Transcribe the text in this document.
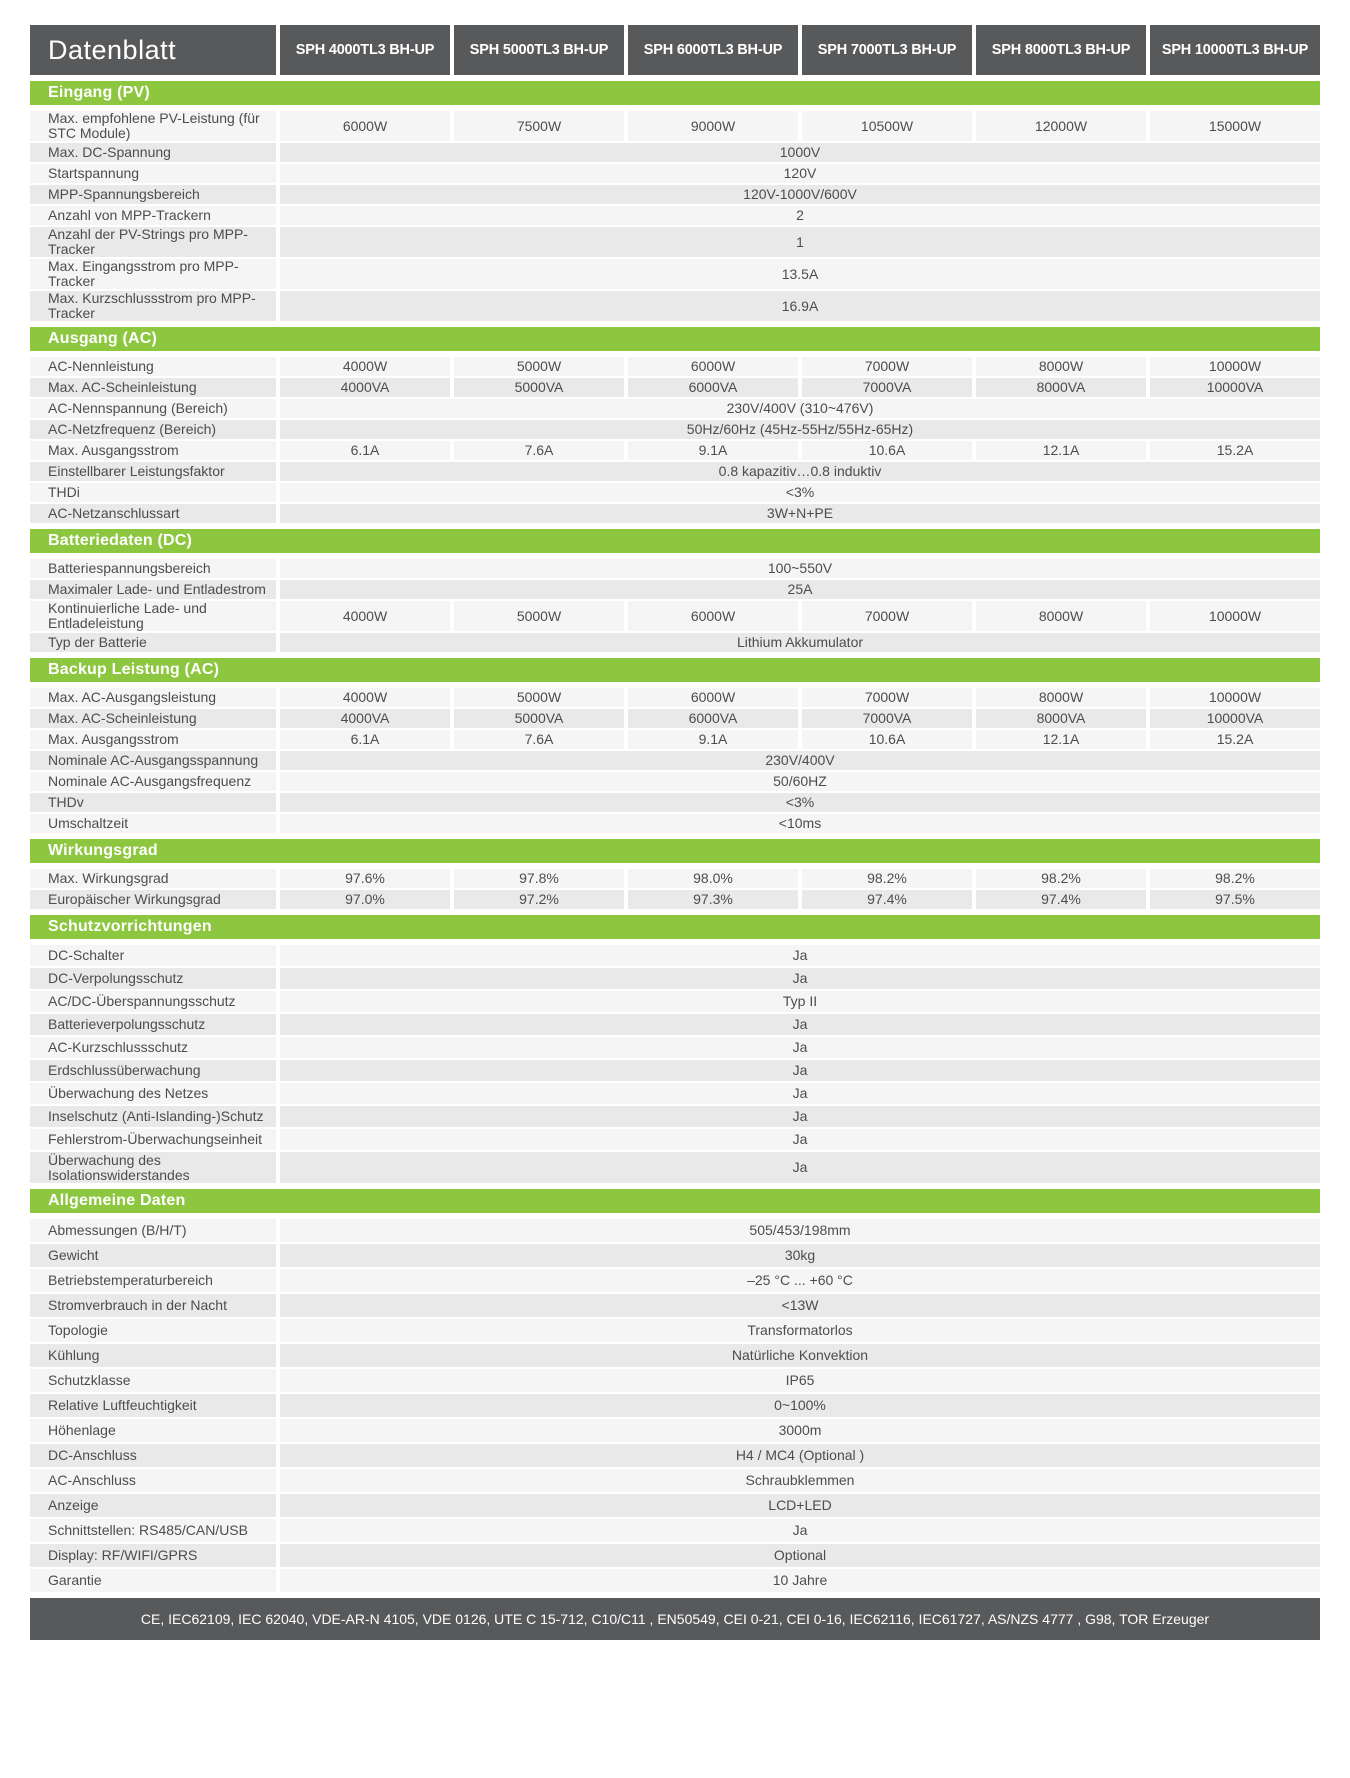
Datenblatt	SPH 4000TL3 BH-UP	SPH 5000TL3 BH-UP	SPH 6000TL3 BH-UP	SPH 7000TL3 BH-UP	SPH 8000TL3 BH-UP	SPH 10000TL3 BH-UP
Eingang (PV)
Max. empfohlene PV-Leistung (für STC Module)	6000W	7500W	9000W	10500W	12000W	15000W
Max. DC-Spannung	1000V
Startspannung	120V
MPP-Spannungsbereich	120V-1000V/600V
Anzahl von MPP-Trackern	2
Anzahl der PV-Strings pro MPP-Tracker	1
Max. Eingangsstrom pro MPP-Tracker	13.5A
Max. Kurzschlussstrom pro MPP-Tracker	16.9A
Ausgang (AC)
AC-Nennleistung	4000W	5000W	6000W	7000W	8000W	10000W
Max. AC-Scheinleistung	4000VA	5000VA	6000VA	7000VA	8000VA	10000VA
AC-Nennspannung (Bereich)	230V/400V (310~476V)
AC-Netzfrequenz (Bereich)	50Hz/60Hz (45Hz-55Hz/55Hz-65Hz)
Max. Ausgangsstrom	6.1A	7.6A	9.1A	10.6A	12.1A	15.2A
Einstellbarer Leistungsfaktor	0.8 kapazitiv…0.8 induktiv
THDi	<3%
AC-Netzanschlussart	3W+N+PE
Batteriedaten (DC)
Batteriespannungsbereich	100~550V
Maximaler Lade- und Entladestrom	25A
Kontinuierliche Lade- und Entladeleistung	4000W	5000W	6000W	7000W	8000W	10000W
Typ der Batterie	Lithium Akkumulator
Backup Leistung (AC)
Max. AC-Ausgangsleistung	4000W	5000W	6000W	7000W	8000W	10000W
Max. AC-Scheinleistung	4000VA	5000VA	6000VA	7000VA	8000VA	10000VA
Max. Ausgangsstrom	6.1A	7.6A	9.1A	10.6A	12.1A	15.2A
Nominale AC-Ausgangsspannung	230V/400V
Nominale AC-Ausgangsfrequenz	50/60HZ
THDv	<3%
Umschaltzeit	<10ms
Wirkungsgrad
Max. Wirkungsgrad	97.6%	97.8%	98.0%	98.2%	98.2%	98.2%
Europäischer Wirkungsgrad	97.0%	97.2%	97.3%	97.4%	97.4%	97.5%
Schutzvorrichtungen
DC-Schalter	Ja
DC-Verpolungsschutz	Ja
AC/DC-Überspannungsschutz	Typ II
Batterieverpolungsschutz	Ja
AC-Kurzschlussschutz	Ja
Erdschlussüberwachung	Ja
Überwachung des Netzes	Ja
Inselschutz (Anti-Islanding-)Schutz	Ja
Fehlerstrom-Überwachungseinheit	Ja
Überwachung des Isolationswiderstandes	Ja
Allgemeine Daten
Abmessungen (B/H/T)	505/453/198mm
Gewicht	30kg
Betriebstemperaturbereich	–25 °C ... +60 °C
Stromverbrauch in der Nacht	<13W
Topologie	Transformatorlos
Kühlung	Natürliche Konvektion
Schutzklasse	IP65
Relative Luftfeuchtigkeit	0~100%
Höhenlage	3000m
DC-Anschluss	H4 / MC4 (Optional )
AC-Anschluss	Schraubklemmen
Anzeige	LCD+LED
Schnittstellen: RS485/CAN/USB	Ja
Display: RF/WIFI/GPRS	Optional
Garantie	10 Jahre
CE, IEC62109, IEC 62040, VDE-AR-N 4105, VDE 0126, UTE C 15-712, C10/C11 , EN50549, CEI 0-21, CEI 0-16, IEC62116, IEC61727, AS/NZS 4777 , G98, TOR Erzeuger
